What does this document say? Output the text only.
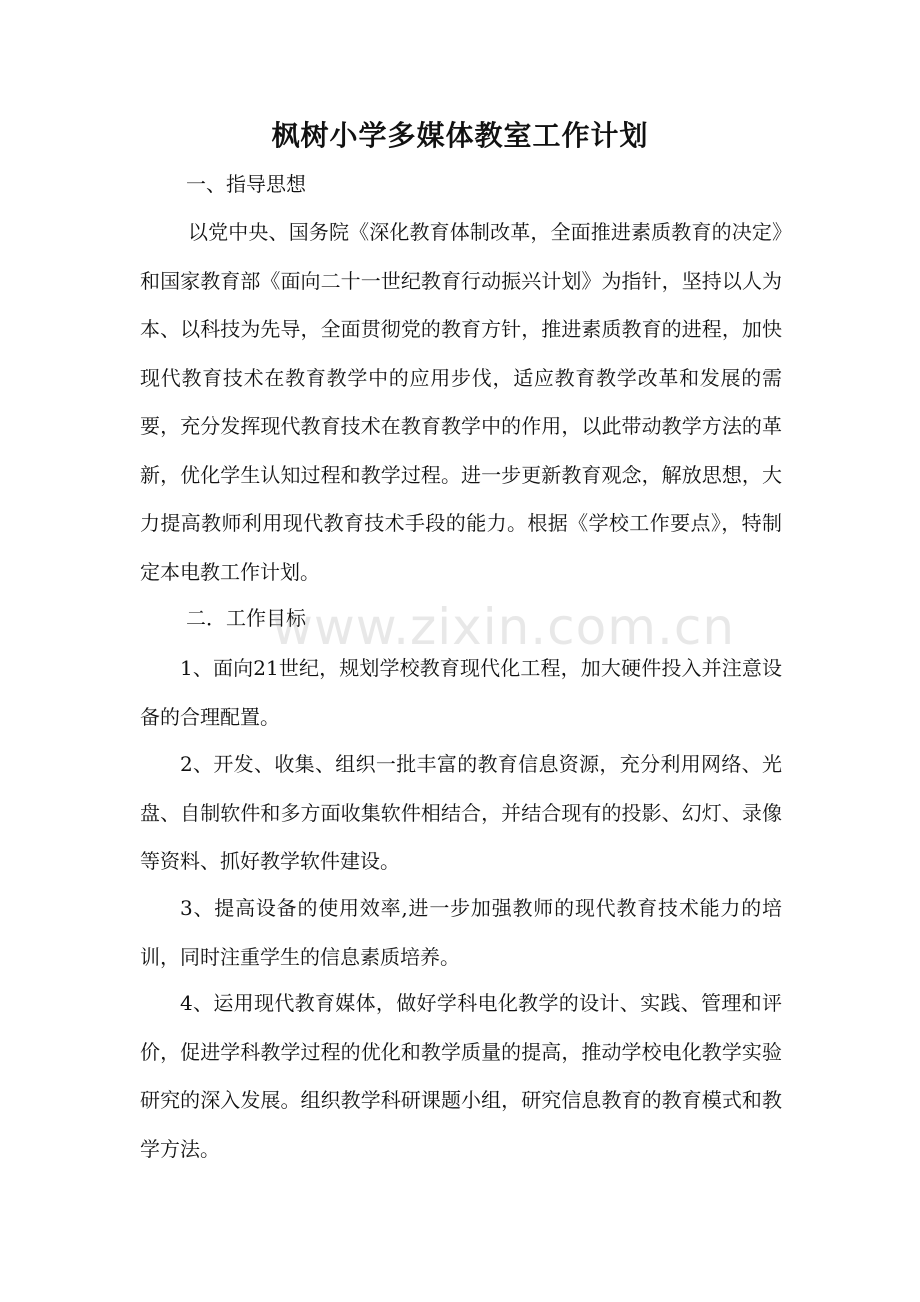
枫树小学多媒体教室工作计划
一、指导思想
以党中央、国务院《深化教育体制改革，全面推进素质教育的决定》和国家教育部《面向二十一世纪教育行动振兴计划》为指针，坚持以人为本、以科技为先导，全面贯彻党的教育方针，推进素质教育的进程，加快现代教育技术在教育教学中的应用步伐，适应教育教学改革和发展的需要，充分发挥现代教育技术在教育教学中的作用，以此带动教学方法的革新，优化学生认知过程和教学过程。进一步更新教育观念，解放思想，大力提高教师利用现代教育技术手段的能力。根据《学校工作要点》，特制定本电教工作计划。
二．工作目标
1、面向21世纪，规划学校教育现代化工程，加大硬件投入并注意设备的合理配置。
2、开发、收集、组织一批丰富的教育信息资源，充分利用网络、光盘、自制软件和多方面收集软件相结合，并结合现有的投影、幻灯、录像等资料、抓好教学软件建设。
3、提高设备的使用效率,进一步加强教师的现代教育技术能力的培训，同时注重学生的信息素质培养。
4、运用现代教育媒体，做好学科电化教学的设计、实践、管理和评价，促进学科教学过程的优化和教学质量的提高，推动学校电化教学实验研究的深入发展。组织教学科研课题小组，研究信息教育的教育模式和教学方法。
www.zixin.com.cn
